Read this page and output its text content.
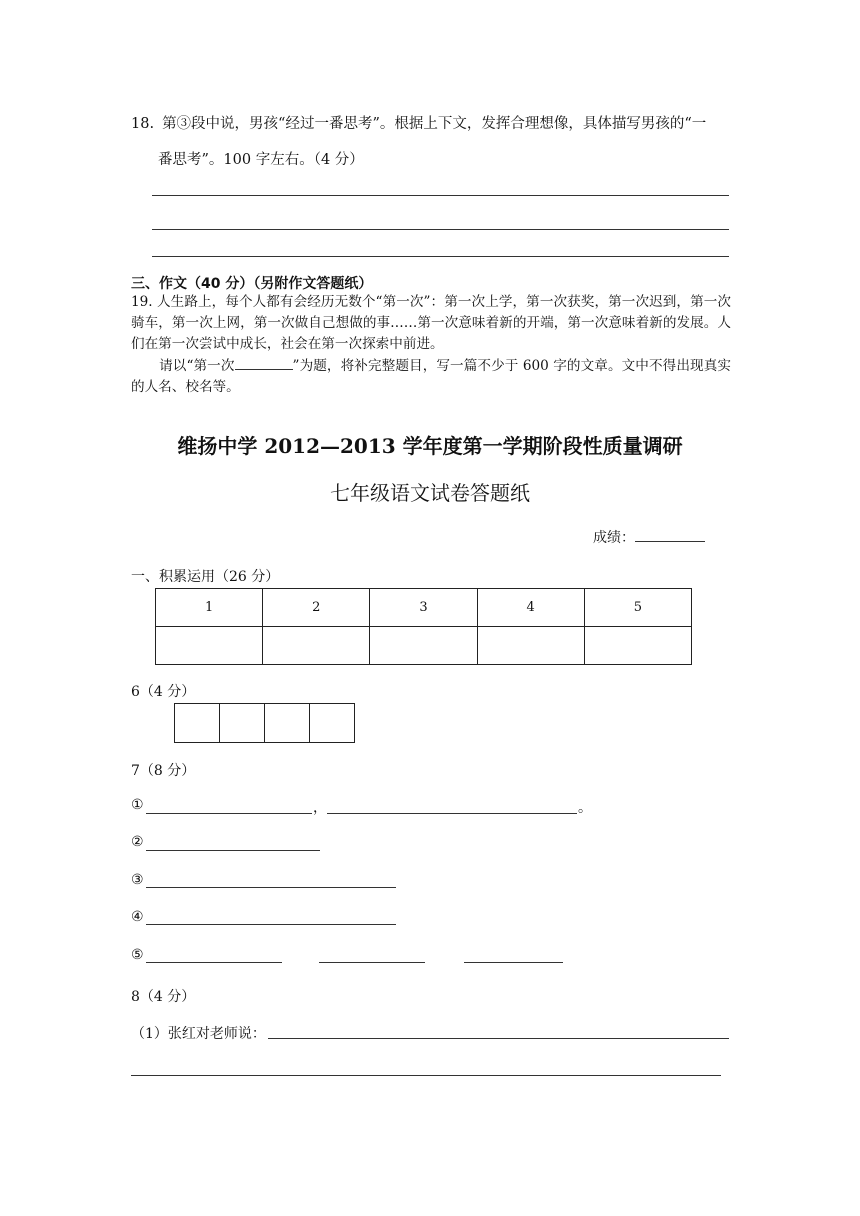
18. 第③段中说，男孩“经过一番思考”。根据上下文，发挥合理想像，具体描写男孩的“一
番思考”。100 字左右。（4 分）
三、作文（40 分）（另附作文答题纸）
19. 人生路上，每个人都有会经历无数个“第一次”：第一次上学，第一次获奖，第一次迟到，第一次骑车，第一次上网，第一次做自己想做的事……第一次意味着新的开端，第一次意味着新的发展。人们在第一次尝试中成长，社会在第一次探索中前进。
请以“第一次	”为题，将补完整题目，写一篇不少于 600 字的文章。文中不得出现真实的人名、校名等。
维扬中学 2012—2013 学年度第一学期阶段性质量调研
七年级语文试卷答题纸
成绩：
一、积累运用（26 分）
1	2	3	4	5

6（4 分）

7（8 分）
①	，	。
②
③
④
⑤
8（4 分）
（1）张红对老师说：
